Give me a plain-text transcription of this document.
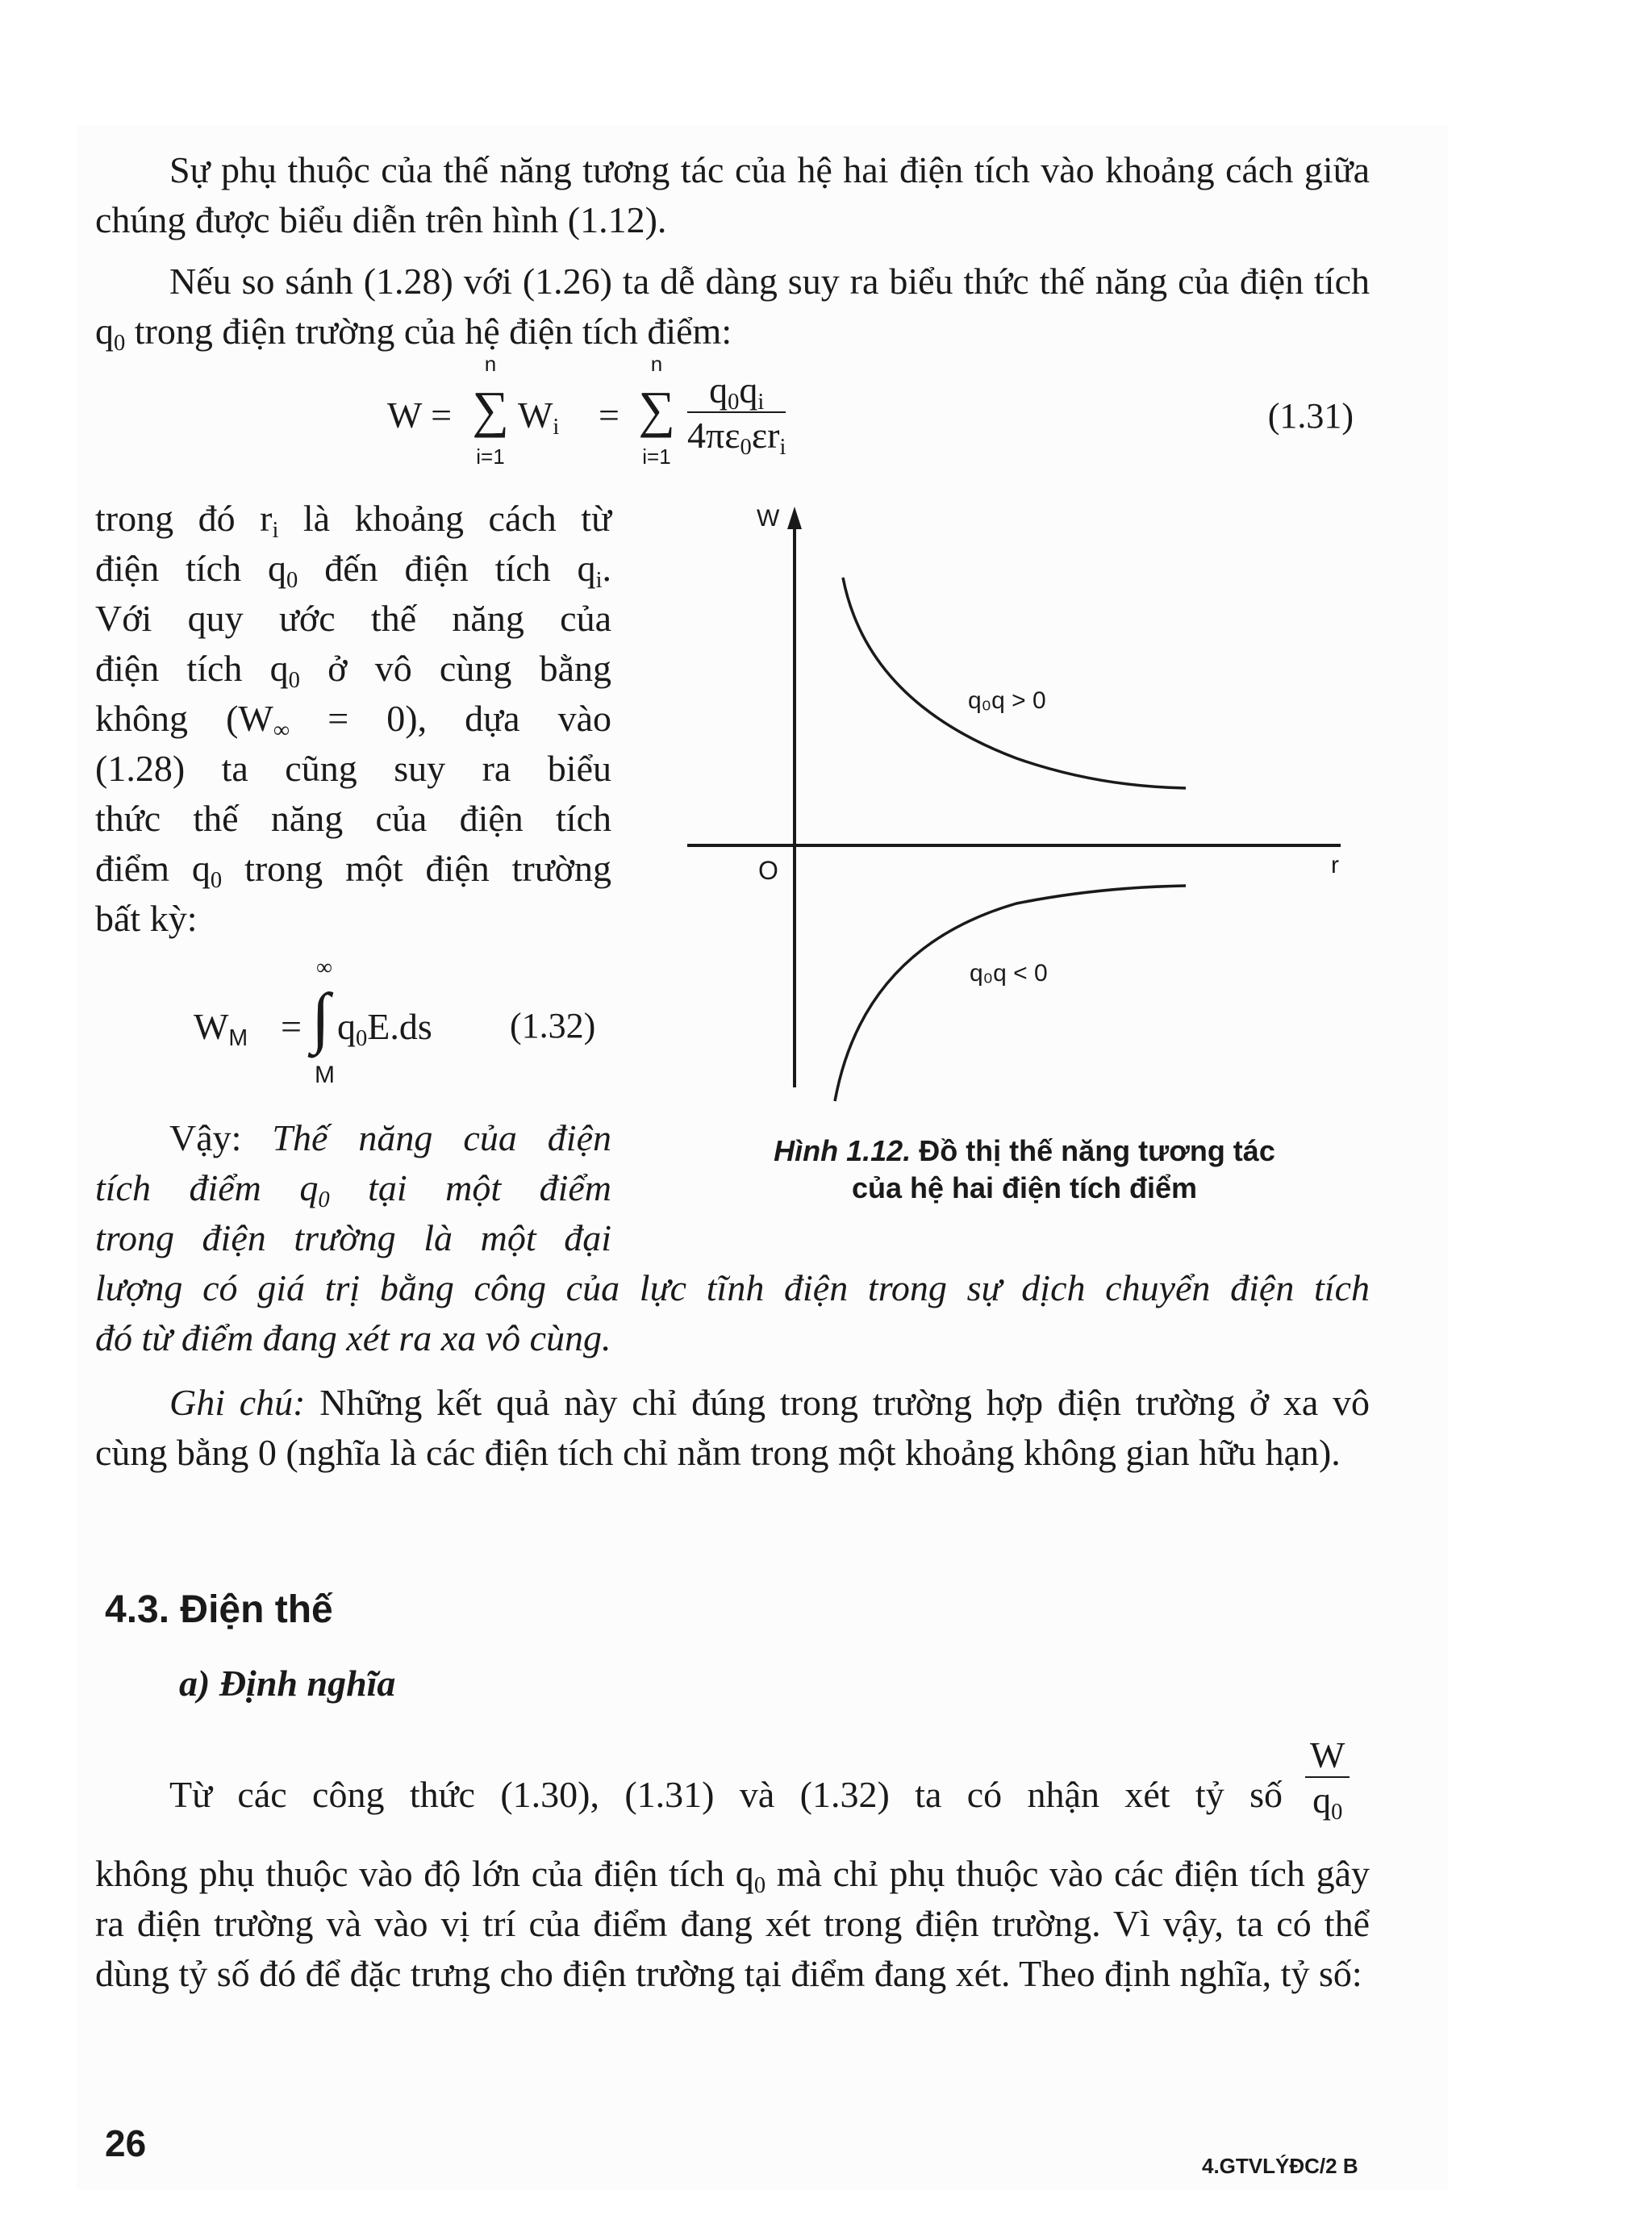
Sự phụ thuộc của thế năng tương tác của hệ hai điện tích vào khoảng cách giữa chúng được biểu diễn trên hình (1.12).

Nếu so sánh (1.28) với (1.26) ta dễ dàng suy ra biểu thức thế năng của điện tích $q_0$ trong điện trường của hệ điện tích điểm:

W =
n
∑
i=1
$W_i$ =
n
∑
i=1
$q_0q_i$
$4\pi\varepsilon_0\varepsilon r_i$
(1.31)
trong đó $r_i$ là khoảng cách từ
điện tích $q_0$ đến điện tích $q_i$.
Với quy ước thế năng của
điện tích $q_0$ ở vô cùng bằng
không $(W_\infty = 0)$, dựa vào
(1.28) ta cũng suy ra biểu
thức thế năng của điện tích
điểm $q_0$ trong một điện trường
bất kỳ:
$W_M$ =
∞
∫
M
$q_0E.ds$ (1.32)
Vậy: Thế năng của điện
tích điểm $q_0$ tại một điểm
trong điện trường là một đại
W
r
O
q₀q > 0
q₀q < 0
Hình 1.12. Đồ thị thế năng tương tác
của hệ hai điện tích điểm
lượng có giá trị bằng công của lực tĩnh điện trong sự dịch chuyển điện tích
đó từ điểm đang xét ra xa vô cùng.

Ghi chú: Những kết quả này chỉ đúng trong trường hợp điện trường ở xa vô cùng bằng 0 (nghĩa là các điện tích chỉ nằm trong một khoảng không gian hữu hạn).

4.3. Điện thế
a) Định nghĩa
Từ các công thức (1.30), (1.31) và (1.32) ta có nhận xét tỷ số $\frac{W}{q_0}$

không phụ thuộc vào độ lớn của điện tích $q_0$ mà chỉ phụ thuộc vào các điện tích gây ra điện trường và vào vị trí của điểm đang xét trong điện trường. Vì vậy, ta có thể dùng tỷ số đó để đặc trưng cho điện trường tại điểm đang xét. Theo định nghĩa, tỷ số:

26
4.GTVLÝĐC/2 B
